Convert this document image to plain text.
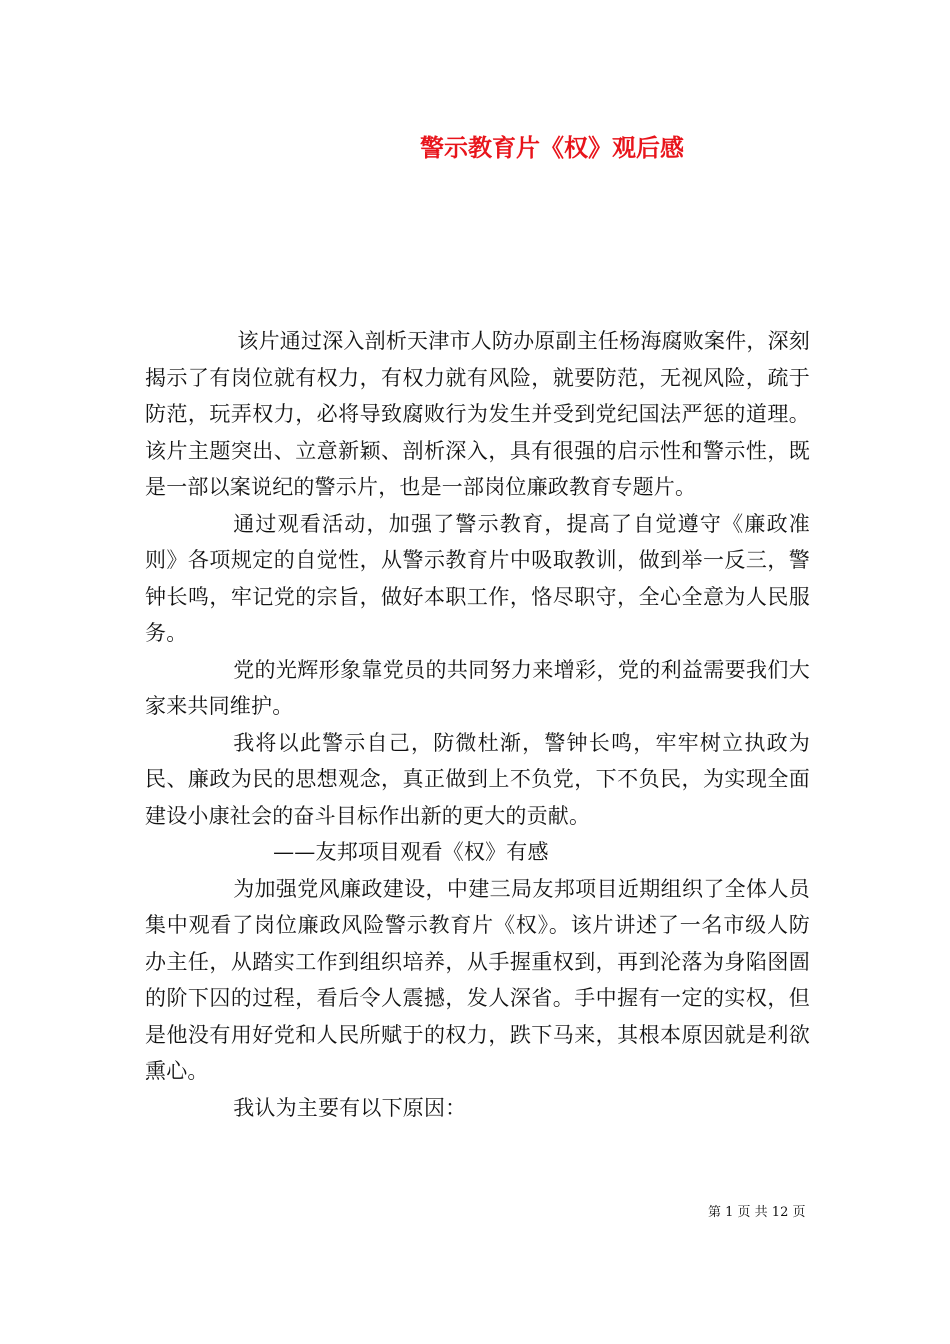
警示教育片《权》观后感

该片通过深入剖析天津市人防办原副主任杨海腐败案件，深刻揭示了有岗位就有权力，有权力就有风险，就要防范，无视风险，疏于防范，玩弄权力，必将导致腐败行为发生并受到党纪国法严惩的道理。该片主题突出、立意新颖、剖析深入，具有很强的启示性和警示性，既是一部以案说纪的警示片，也是一部岗位廉政教育专题片。

通过观看活动，加强了警示教育，提高了自觉遵守《廉政准则》各项规定的自觉性，从警示教育片中吸取教训，做到举一反三，警钟长鸣，牢记党的宗旨，做好本职工作，恪尽职守，全心全意为人民服务。

党的光辉形象靠党员的共同努力来增彩，党的利益需要我们大家来共同维护。

我将以此警示自己，防微杜渐，警钟长鸣，牢牢树立执政为民、廉政为民的思想观念，真正做到上不负党，下不负民，为实现全面建设小康社会的奋斗目标作出新的更大的贡献。

——友邦项目观看《权》有感

为加强党风廉政建设，中建三局友邦项目近期组织了全体人员集中观看了岗位廉政风险警示教育片《权》。该片讲述了一名市级人防办主任，从踏实工作到组织培养，从手握重权到，再到沦落为身陷囹圄的阶下囚的过程，看后令人震撼，发人深省。手中握有一定的实权，但是他没有用好党和人民所赋于的权力，跌下马来，其根本原因就是利欲熏心。

我认为主要有以下原因：

第 1 页 共 12 页
